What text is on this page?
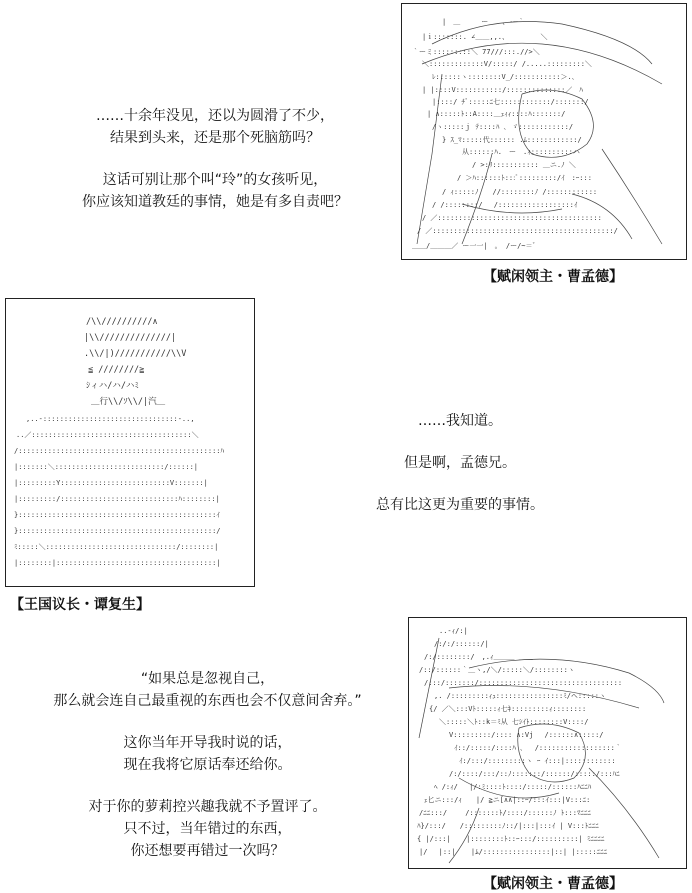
……十余年没见，还以为圆滑了不少，

结果到头来，还是那个死脑筋吗？

这话可别让那个叫“玲”的女孩听见，

你应该知道教廷的事情，她是有多自责吧？

|　＿　　　ー　　、-─｀
|ｉ:::::::. ∠＿＿,,.、　　　　　＼
｀ーミ:::::::::＼ 77///:::.//>＼
＼:::::::::::::V/:::::/ /.....:::::::::＼
ﾚ::::::ヽ::::::::V_/:::::::::::＞.､
| |::::V:::::::::::/::::::::::::::／　ﾊ
|::::/ ﾁﾞ:::::ﾆ七::::::::::::/:::::::/
| ∧:::::ﾄ::A::::＿ｪｨｨ::::ﾊ:::::::/
/ヽ:::::ｊ ﾃ::::ﾊ ､ ゞ::::::::::::/
} ｽ_ﾏ:::::代:::::: .ﾑ::::::::::::/
从::::::ﾊ.　ー　.ｨ::::::::::ハ
/ >:ﾘ::::::::::: ＿ニ.ﾉ ＼
/ ＞ﾊ::::::ﾄ:::ﾟ:::::::::/ｲ　:ｰ:::
/ ｨ:::::ﾉ　　//::::::::ﾉ /::::::::::::
/ /::::::::/　 /::::::::::::::::::ｲ
/ ／:::::::::::::::::::::::::::::::::::::::
/ ／:::::::::::::::::::::::::::::::::::::::::::/
＿＿/＿＿＿／ ー一一|　。 /ー/~＝ﾞ
【赋闲领主・曹孟德】
/\\//////////∧
|\\//////////////|
.\\/|)///////////\\V
≦ ////////≧
ｼィハ/ハ/ハﾐ
＿行\\/ｿ\\/|汽＿
,..-::::::::::::::::::::::::::::::::-..,
..／::::::::::::::::::::::::::::::::::::::＼
/::::::::::::::::::::::::::::::::::::::::::::::::ﾊ
|:::::::＼::::::::::::::::::::::::::/::::::|
|:::::::::Y::::::::::::::::::::::::::V:::::::|
|:::::::::/::::::::::::::::::::::::::::ﾊ::::::::|
}:::::::::::::::::::::::::::::::::::::::::::::::ｲ
}:::::::::::::::::::::::::::::::::::::::::::::::/
ﾐ:::::＼:::::::::::::::::::::::::::::::/::::::::|
|::::::::|::::::::::::::::::::::::::::::::::::::|
【王国议长・谭复生】

……我知道。

但是啊，孟德兄。

总有比这更为重要的事情。

“如果总是忽视自己，

那么就会连自己最重视的东西也会不仅意间舍弃。”

这你当年开导我时说的话，

现在我将它原话奉还给你。

对于你的萝莉控兴趣我就不予置评了。

只不过，当年错过的东西，

你还想要再错过一次吗？

..-ｨ/:|
/:/:/::::::/|
/:/::::::::/　,.ｨ＿＿＿ ＿＿
/::/::::::｀＿ヽ,/＼/:::::＼/::::::::ヽ
/:::/:::::::/::::::::::::::::::::::::::::::::::
,. /:::::::::ｨｭ::::::::::::::::ﾐ/ヘ:::::ヽ
{/ ／＼:::Vﾄ:::::ｨ七ｷ:::::::::ｨ::::::::
＼:::::＼ﾄ::k＝ﾐ从 七ｼｲﾄ::::::::V::::/
V:::::::::/:::: ∧:Vj　 /::::::∧:::::/
ｲ::/:::::/::::ﾊ ､　 /::::::::::::::::::｀
ｲ:/:::/:::::::::ヽ ｰ ｲ:::|::::::::::::
/:/::::/:::/::ﾉ:::::::/::::::/:::::/:::ﾊﾆ
ﾍ /:ｨ/ 　|/:ﾐ::::ﾄ::::/:::::/::::::ﾊﾆﾆﾊ
ｪ匕ニ:::/ｨ　　|/ ≧ニ[∧∧|::ｰ/:::ｲ:::|V:::ﾆ:
/ﾆﾆ:::/ 　　/:::::::ﾄ/::::/::::::ﾉ ﾄ:::ﾏﾆﾆﾆ
ﾊ}/:::/　　/:::::::::ﾉ::/|:::|:::ｲ | V:::ﾄﾆﾆﾆ
{ |/:::| 　 |::::::::ﾄ::ｰ:::/::::::::::| ﾐﾆﾆﾆﾆ
|/　 |::| 　 |ﾑ/::::::::::::::::|::| |:::::ﾆﾆﾆ
【赋闲领主・曹孟德】
